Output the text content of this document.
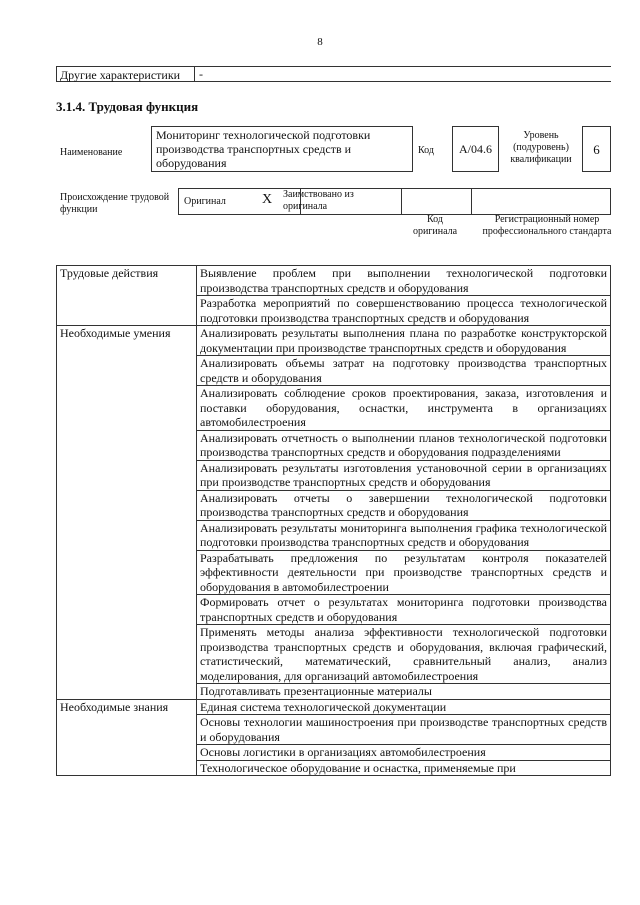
8
Другие характеристики -
3.1.4. Трудовая функция
Наименование
Мониторинг технологической подготовки производства транспортных средств и оборудования
Код	A/04.6
Уровень (подуровень) квалификации
6
Происхождение трудовой функции
Оригинал	X Заимствовано из оригинала
Код оригинала
Регистрационный номер профессионального стандарта
Трудовые действия	Выявление проблем при выполнении технологической подготовки производства транспортных средств и оборудования
	Разработка мероприятий по совершенствованию процесса технологической подготовки производства транспортных средств и оборудования
Необходимые умения	Анализировать результаты выполнения плана по разработке конструкторской документации при производстве транспортных средств и оборудования
	Анализировать объемы затрат на подготовку производства транспортных средств и оборудования
	Анализировать соблюдение сроков проектирования, заказа, изготовления и поставки оборудования, оснастки, инструмента в организациях автомобилестроения
	Анализировать отчетность о выполнении планов технологической подготовки производства транспортных средств и оборудования подразделениями
	Анализировать результаты изготовления установочной серии в организациях при производстве транспортных средств и оборудования
	Анализировать отчеты о завершении технологической подготовки производства транспортных средств и оборудования
	Анализировать результаты мониторинга выполнения графика технологической подготовки производства транспортных средств и оборудования
	Разрабатывать предложения по результатам контроля показателей эффективности деятельности при производстве транспортных средств и оборудования в автомобилестроении
	Формировать отчет о результатах мониторинга подготовки производства транспортных средств и оборудования
	Применять методы анализа эффективности технологической подготовки производства транспортных средств и оборудования, включая графический, статистический, математический, сравнительный анализ, анализ моделирования, для организаций автомобилестроения
	Подготавливать презентационные материалы
Необходимые знания	Единая система технологической документации
	Основы технологии машиностроения при производстве транспортных средств и оборудования
	Основы логистики в организациях автомобилестроения
	Технологическое оборудование и оснастка, применяемые при
